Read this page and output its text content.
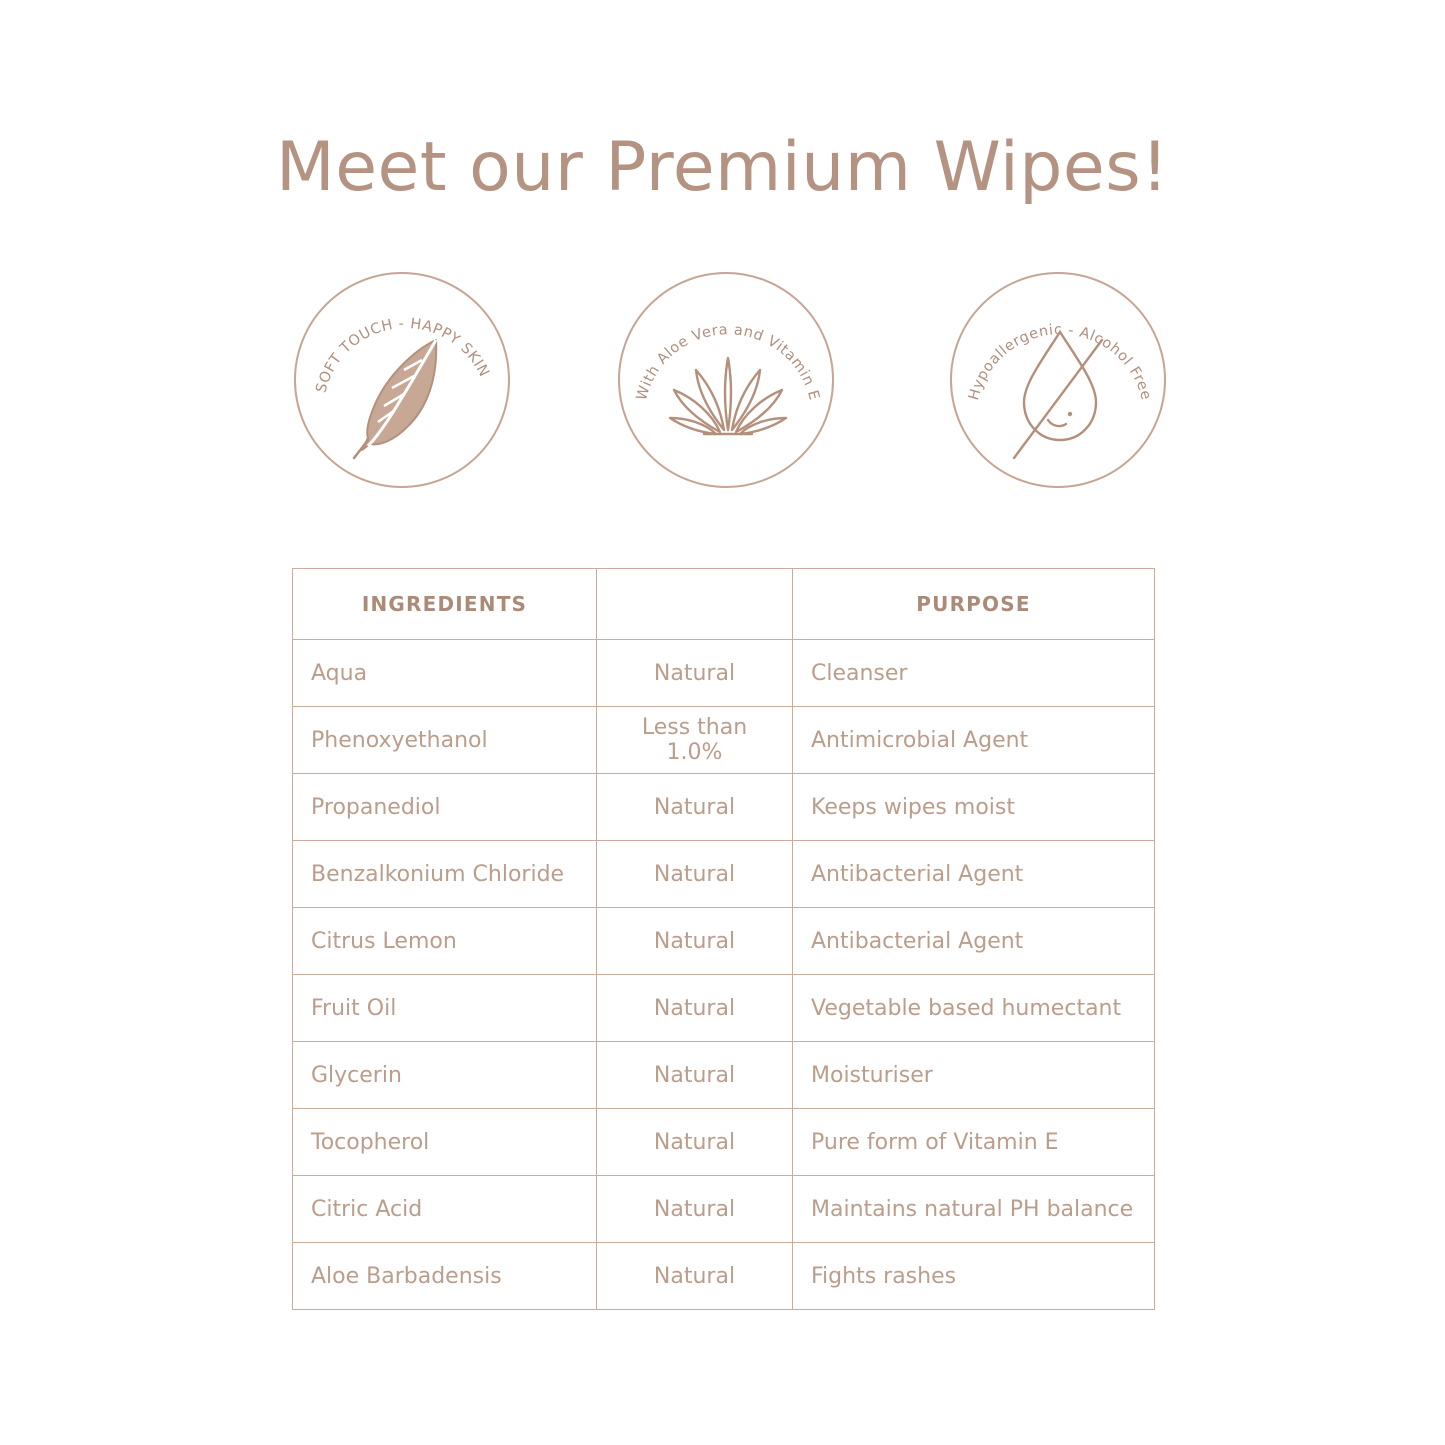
Meet our Premium Wipes!
SOFT TOUCH - HAPPY SKIN
With Aloe Vera and Vitamin E	Hypoallergenic - Alcohol Free
INGREDIENTS		PURPOSE
Aqua	Natural	Cleanser
Phenoxyethanol	Less than 1.0%	Antimicrobial Agent
Propanediol	Natural	Keeps wipes moist
Benzalkonium Chloride	Natural	Antibacterial Agent
Citrus Lemon	Natural	Antibacterial Agent
Fruit Oil	Natural	Vegetable based humectant
Glycerin	Natural	Moisturiser
Tocopherol	Natural	Pure form of Vitamin E
Citric Acid	Natural	Maintains natural PH balance
Aloe Barbadensis	Natural	Fights rashes
